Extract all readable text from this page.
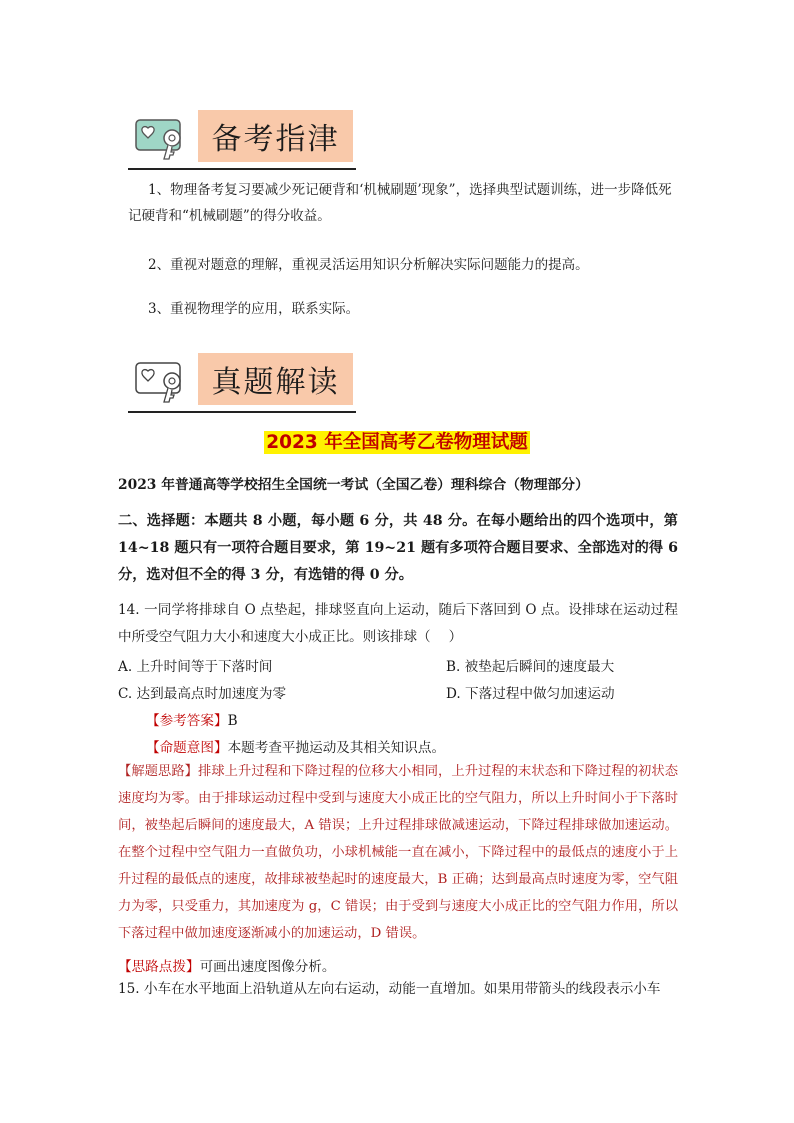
备考指津
1、物理备考复习要减少死记硬背和‘机械刷题’现象”，选择典型试题训练，进一步降低死记硬背和“机械刷题”的得分收益。
2、重视对题意的理解，重视灵活运用知识分析解决实际问题能力的提高。
3、重视物理学的应用，联系实际。
真题解读
2023 年全国高考乙卷物理试题
2023 年普通高等学校招生全国统一考试（全国乙卷）理科综合（物理部分）
二、选择题：本题共 8 小题，每小题 6 分，共 48 分。在每小题给出的四个选项中，第 14~18 题只有一项符合题目要求，第 19~21 题有多项符合题目要求、全部选对的得 6 分，选对但不全的得 3 分，有选错的得 0 分。
14. 一同学将排球自 O 点垫起，排球竖直向上运动，随后下落回到 O 点。设排球在运动过程中所受空气阻力大小和速度大小成正比。则该排球（　 ）
A. 上升时间等于下落时间	B. 被垫起后瞬间的速度最大
C. 达到最高点时加速度为零	D. 下落过程中做匀加速运动
【参考答案】B
【命题意图】本题考查平抛运动及其相关知识点。
【解题思路】排球上升过程和下降过程的位移大小相同，上升过程的末状态和下降过程的初状态速度均为零。由于排球运动过程中受到与速度大小成正比的空气阻力，所以上升时间小于下落时间，被垫起后瞬间的速度最大，A 错误；上升过程排球做减速运动，下降过程排球做加速运动。在整个过程中空气阻力一直做负功，小球机械能一直在减小，下降过程中的最低点的速度小于上升过程的最低点的速度，故排球被垫起时的速度最大，B 正确；达到最高点时速度为零，空气阻力为零，只受重力，其加速度为 g，C 错误；由于受到与速度大小成正比的空气阻力作用，所以下落过程中做加速度逐渐减小的加速运动，D 错误。
【思路点拨】可画出速度图像分析。
15. 小车在水平地面上沿轨道从左向右运动，动能一直增加。如果用带箭头的线段表示小车
